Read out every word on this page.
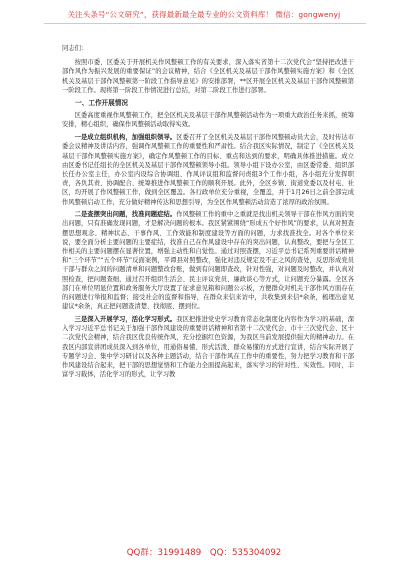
关注头条号“公文研究”，获得最新最全最专业的公文资料库！ 微信：gongwenyj

同志们：

按照市委、区委关于开展机关作风整顿工作的有关要求，深入落实省第十二次党代会“坚持把改进干部作风作为振兴发展的重要保证”的会议精神，结合《全区机关及基层干部作风整顿实施方案》和《全区机关及基层干部作风整顿第一阶段工作指导意见》的安排部署，**区开展全区机关及基层干部作风整顿第一阶段工作。现将第一阶段工作情况进行总结，对第二阶段工作进行部署。

一、工作开展情况

区委高度重视作风整顿工作，把全区机关及基层干部作风整顿活动作为一项重大政治任务来抓，统筹安排，精心组织，确保作风整顿活动取得实效。

一是成立组织机构，加强组织领导。区委召开了全区机关及基层干部作风整顿动员大会，及时传达市委会议精神及讲话内容，强调作风整顿工作的重要性和严肃性。结合我区实际情况，制定了《全区机关及基层干部作风整顿实施方案》，确定作风整顿工作的目标、重点和达到的要求，明确具体推进措施。成立由区委书记任组长的全区机关及基层干部作风整顿领导小组。领导小组下设办公室，由区委常委、组织部长任办公室主任，办公室内设综合协调组、作风评议组和监督问责组3个工作小组，各小组充分发挥职责，各负其责、协调配合、统筹推进作风整顿工作的顺利开展。此外，全区乡镇、街道党委以及村屯、社区，均开展了作风整顿工作，做到全区覆盖。各行政单位充分重视，全覆盖，并于1月26日之前全部完成作风整顿启动工作，充分做好精神传达和思想引导，为全区作风整顿活动营造了浓厚的政治氛围。

二是查摆突出问题，找准问题症结。作风整顿工作的重中之重就是找出机关领导干部在作风方面的突出问题，只有准确发现问题，才是解决问题的根本。我区紧紧围绕“形成五个好作风”的要求，认真对照查摆思想观念、精神状态、干事作风、工作效能和制度建设等方面的问题，力求找准找全。对各个单位来说，要全面分析主要问题的主要症结，找准自己在作风建设中存在的突出问题，认真整改，要把与全区工作相关的主要问题摆在显著位置，增强主动性和自觉性。通过对照查摆，习近平总书记系列重要讲话精神和“三个环节”“五个环节”反面案例，平谭县对照整改，强化对违反规定及不正之风的查处，反思形成党员干部与群众之间的问题清单和问题整改台账，做到有问题即查改，针对性强，对问题及时整改，并认真对照检查，把问题查细，通过召开组织生活会、民主评议党员、廉政谈心等方式，让问题充分暴露。全区各部门在单位明显位置和政务服务大厅设置了征求意见箱和问题公示板，方便群众对机关干部作风方面存在的问题进行举报和监督；接受社会的监督和指导，在群众来信来访中，共收集到来信*余条，梳理出意见建议*余条，真正把问题查清楚、找彻底、摆到位。

三是深入开展学习，活化学习形式。我区把推进党史学习教育常态化制度化内容作为学习的基础，深入学习习近平总书记关于加强干部作风建设的重要讲话精神和省第十二次党代会、市十三次党代会、区十二次党代会精神，结合我区优良传统作风，充分挖掘红色资源，为我区当前发展提供强大的精神动力。在我区内部宣讲团成员深入到各单位，用通俗易懂、形式活泼、群众易懂的方式进行宣讲，结合实际开展了专题学习会、集中学习研讨以及各种主题活动，结合干部作风在工作中的重要性，努力把学习教育和干部作风建设结合起来，把干部的思想觉悟和工作能力全面提高起来，落实学习的针对性、实效性。同时，丰富学习载体，活化学习的形式，让学习教

QQ群：31991489 QQ：535304092
